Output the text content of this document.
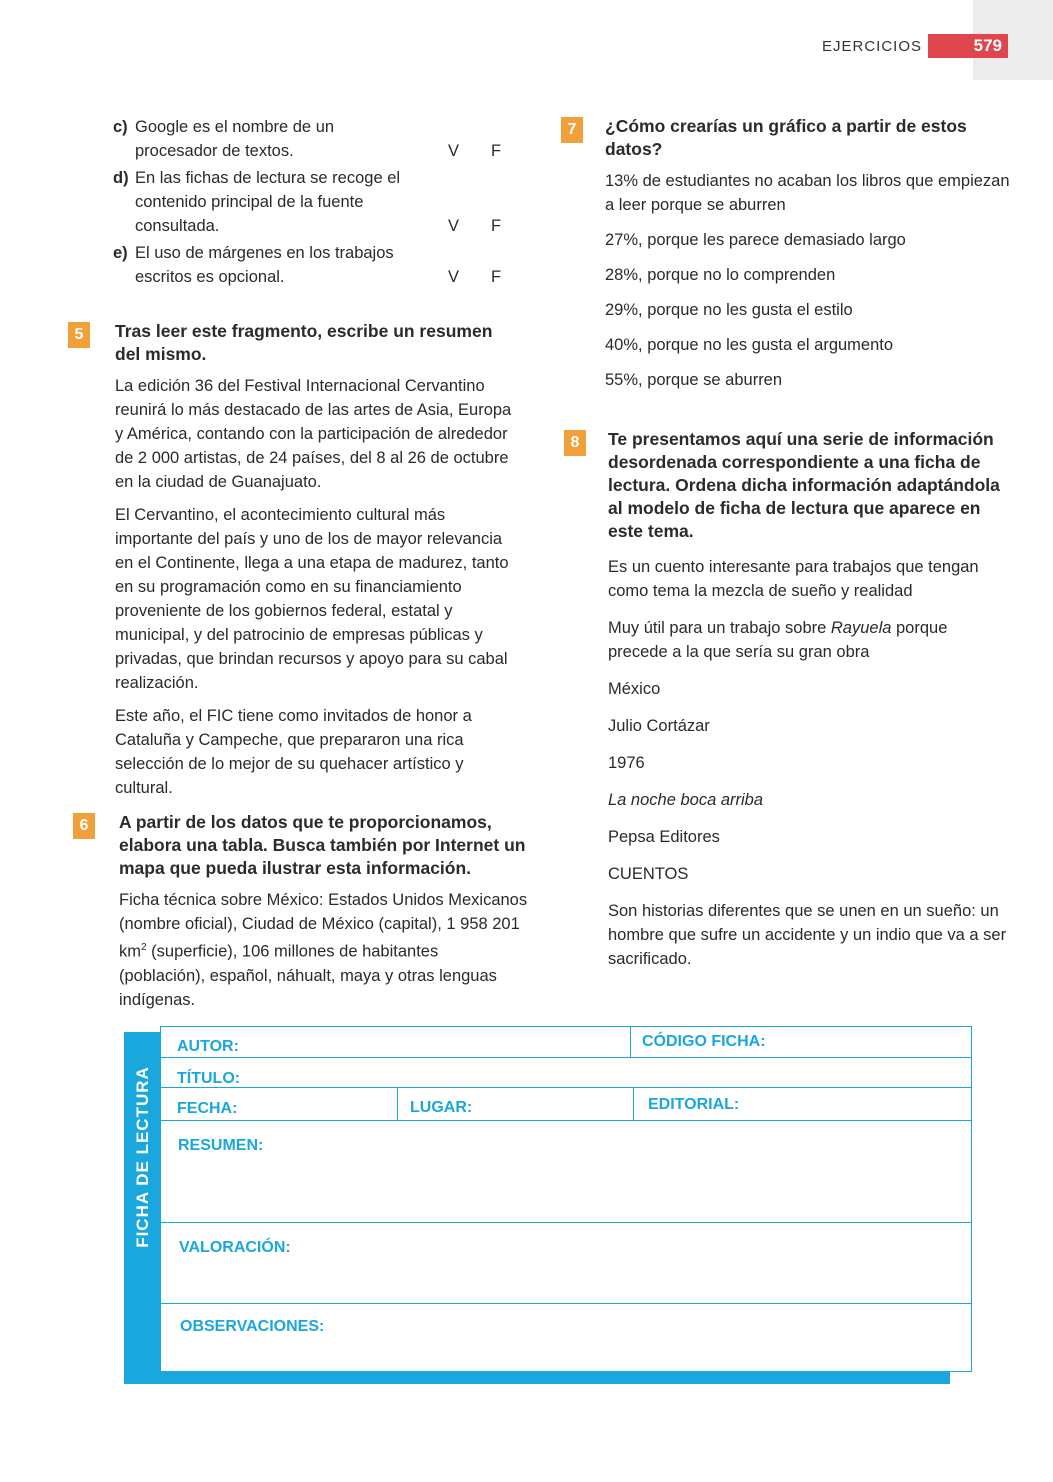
EJERCICIOS	579
c) Google es el nombre de un procesador de textos.	V F
d) En las fichas de lectura se recoge el contenido principal de la fuente consultada.	V F
e) El uso de márgenes en los trabajos escritos es opcional.	V F
5	Tras leer este fragmento, escribe un resumen del mismo.

La edición 36 del Festival Internacional Cervantino reunirá lo más destacado de las artes de Asia, Europa y América, contando con la participación de alrededor de 2 000 artistas, de 24 países, del 8 al 26 de octubre en la ciudad de Guanajuato.

El Cervantino, el acontecimiento cultural más importante del país y uno de los de mayor relevancia en el Continente, llega a una etapa de madurez, tanto en su programación como en su financiamiento proveniente de los gobiernos federal, estatal y municipal, y del patrocinio de empresas públicas y privadas, que brindan recursos y apoyo para su cabal realización.

Este año, el FIC tiene como invitados de honor a Cataluña y Campeche, que prepararon una rica selección de lo mejor de su quehacer artístico y cultural.

6	A partir de los datos que te proporcionamos, elabora una tabla. Busca también por Internet un mapa que pueda ilustrar esta información.

Ficha técnica sobre México: Estados Unidos Mexicanos (nombre oficial), Ciudad de México (capital), 1 958 201 $km^2$ (superficie), 106 millones de habitantes (población), español, náhualt, maya y otras lenguas indígenas.

7	¿Cómo crearías un gráfico a partir de estos datos?

13% de estudiantes no acaban los libros que empiezan a leer porque se aburren

27%, porque les parece demasiado largo

28%, porque no lo comprenden

29%, porque no les gusta el estilo

40%, porque no les gusta el argumento

55%, porque se aburren

8	Te presentamos aquí una serie de información desordenada correspondiente a una ficha de lectura. Ordena dicha información adaptándola al modelo de ficha de lectura que aparece en este tema.

Es un cuento interesante para trabajos que tengan como tema la mezcla de sueño y realidad

Muy útil para un trabajo sobre Rayuela porque precede a la que sería su gran obra

México

Julio Cortázar

1976

La noche boca arriba

Pepsa Editores

CUENTOS

Son historias diferentes que se unen en un sueño: un hombre que sufre un accidente y un indio que va a ser sacrificado.

FICHA DE LECTURA
AUTOR:	CÓDIGO FICHA:
TÍTULO:
FECHA:	LUGAR:	EDITORIAL:
RESUMEN:
VALORACIÓN:
OBSERVACIONES:
